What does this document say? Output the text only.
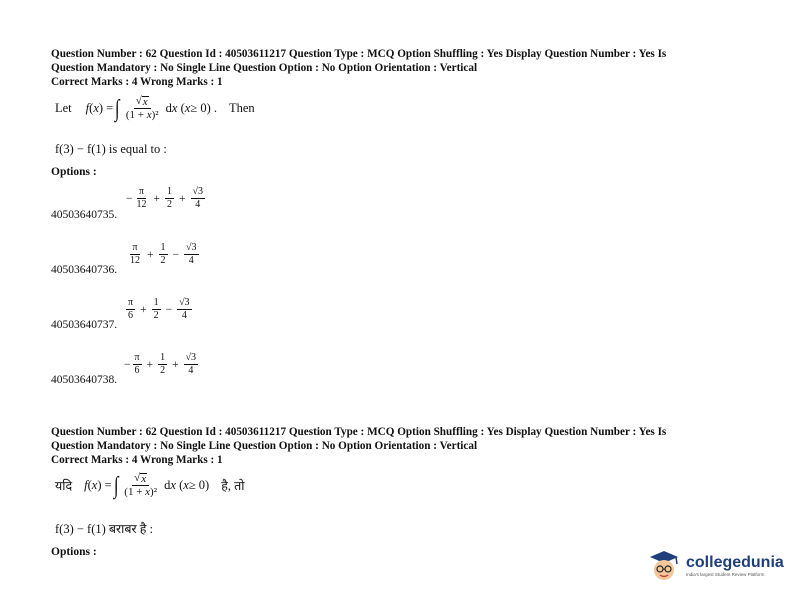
Question Number : 62 Question Id : 40503611217 Question Type : MCQ Option Shuffling : Yes Display Question Number : Yes Is
Question Mandatory : No Single Line Question Option : No Option Orientation : Vertical
Correct Marks : 4 Wrong Marks : 1
Let f ( x ) = ∫ $\frac{√ x}{\text{(1 + x)²}}$ d x ( x ≥ 0) . Then
f(3) − f(1) is equal to :
Options :
40503640735.
− $\frac{\pi}{12} + \frac{1}{2} + \frac{√3}{4}$
40503640736.
$\frac{\pi}{12} + \frac{1}{2} - \frac{√3}{4}$
40503640737.
$\frac{\pi}{6} + \frac{1}{2} - \frac{√3}{4}$
40503640738.
− $\frac{\pi}{6} + \frac{1}{2} + \frac{√3}{4}$
Question Number : 62 Question Id : 40503611217 Question Type : MCQ Option Shuffling : Yes Display Question Number : Yes Is
Question Mandatory : No Single Line Question Option : No Option Orientation : Vertical
Correct Marks : 4 Wrong Marks : 1
यदि f ( x ) = ∫ $\frac{√ x}{\text{(1 + x)²}}$ d x ( x ≥ 0) है, तो
f(3) − f(1) बराबर है :
Options :
collegedunia
India's largest Student Review Platform
